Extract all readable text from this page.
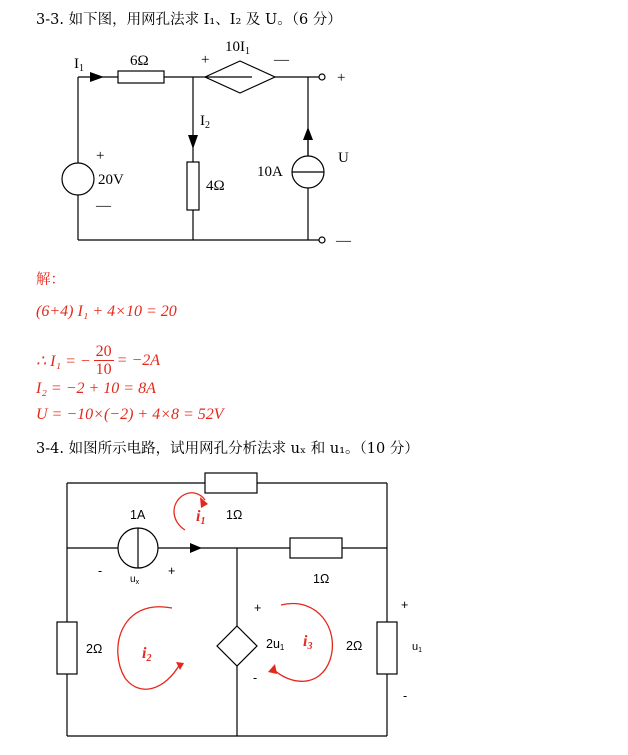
3-3. 如下图，用网孔法求 I₁、I₂ 及 U。（6 分）
$I_1$	6Ω
$10I_1$
+	—
$I_2$
4Ω
+
20V
—
10A
U
+
—
解：
(6+4) I₁ + 4×10 = 20
∴ I₁ = − $\frac{20}{10} = -2A$
I₂ = −2 + 10 = 8A
U = −10×(−2) + 4×8 = 52V
3-4. 如图所示电路，试用网孔分析法求 uₓ 和 u₁。（10 分）
1A	i1 1Ω
-
$u_x$
+
1Ω
2Ω i2
+
2u1
-
i3	2Ω
+
u1
-
